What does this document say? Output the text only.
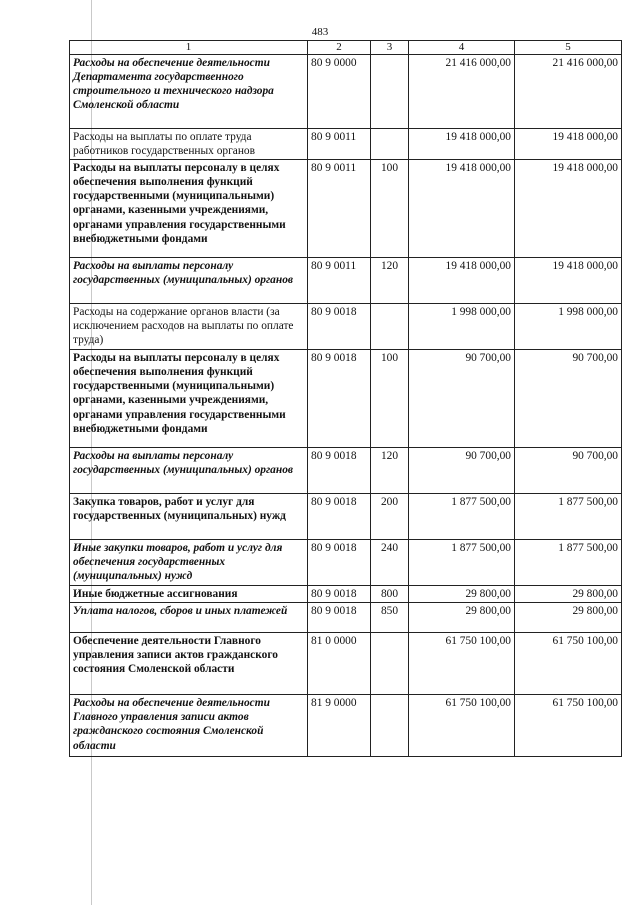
483
1	2	3	4	5
Расходы на обеспечение деятельности Департамента государственного строительного и технического надзора Смоленской области	80 9 0000		21 416 000,00	21 416 000,00
Расходы на выплаты по оплате труда работников государственных органов	80 9 0011		19 418 000,00	19 418 000,00
Расходы на выплаты персоналу в целях обеспечения выполнения функций государственными (муниципальными) органами, казенными учреждениями, органами управления государственными внебюджетными фондами	80 9 0011	100	19 418 000,00	19 418 000,00
Расходы на выплаты персоналу государственных (муниципальных) органов	80 9 0011	120	19 418 000,00	19 418 000,00
Расходы на содержание органов власти (за исключением расходов на выплаты по оплате труда)	80 9 0018		1 998 000,00	1 998 000,00
Расходы на выплаты персоналу в целях обеспечения выполнения функций государственными (муниципальными) органами, казенными учреждениями, органами управления государственными внебюджетными фондами	80 9 0018	100	90 700,00	90 700,00
Расходы на выплаты персоналу государственных (муниципальных) органов	80 9 0018	120	90 700,00	90 700,00
Закупка товаров, работ и услуг для государственных (муниципальных) нужд	80 9 0018	200	1 877 500,00	1 877 500,00
Иные закупки товаров, работ и услуг для обеспечения государственных (муниципальных) нужд	80 9 0018	240	1 877 500,00	1 877 500,00
Иные бюджетные ассигнования	80 9 0018	800	29 800,00	29 800,00
Уплата налогов, сборов и иных платежей	80 9 0018	850	29 800,00	29 800,00
Обеспечение деятельности Главного управления записи актов гражданского состояния Смоленской области	81 0 0000		61 750 100,00	61 750 100,00
Расходы на обеспечение деятельности Главного управления записи актов гражданского состояния Смоленской области	81 9 0000		61 750 100,00	61 750 100,00
